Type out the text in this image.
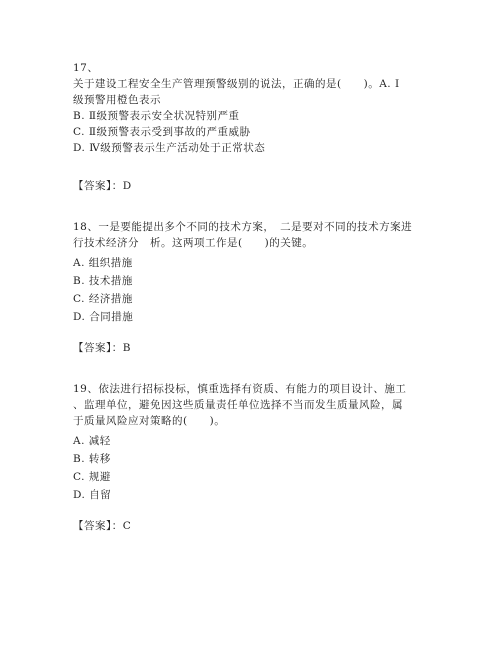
17、
关于建设工程安全生产管理预警级别的说法，正确的是(　　)。A. Ⅰ
级预警用橙色表示
B. Ⅱ级预警表示安全状况特别严重
C. Ⅱ级预警表示受到事故的严重威胁
D. Ⅳ级预警表示生产活动处于正常状态
【答案】：D
18、一是要能提出多个不同的技术方案，　二是要对不同的技术方案进
行技术经济分　析。这两项工作是(　　)的关键。
A. 组织措施
B. 技术措施
C. 经济措施
D. 合同措施
【答案】：B
19、依法进行招标投标，慎重选择有资质、有能力的项目设计、施工
、监理单位，避免因这些质量责任单位选择不当而发生质量风险，属
于质量风险应对策略的(　　)。
A. 减轻
B. 转移
C. 规避
D. 自留
【答案】：C
